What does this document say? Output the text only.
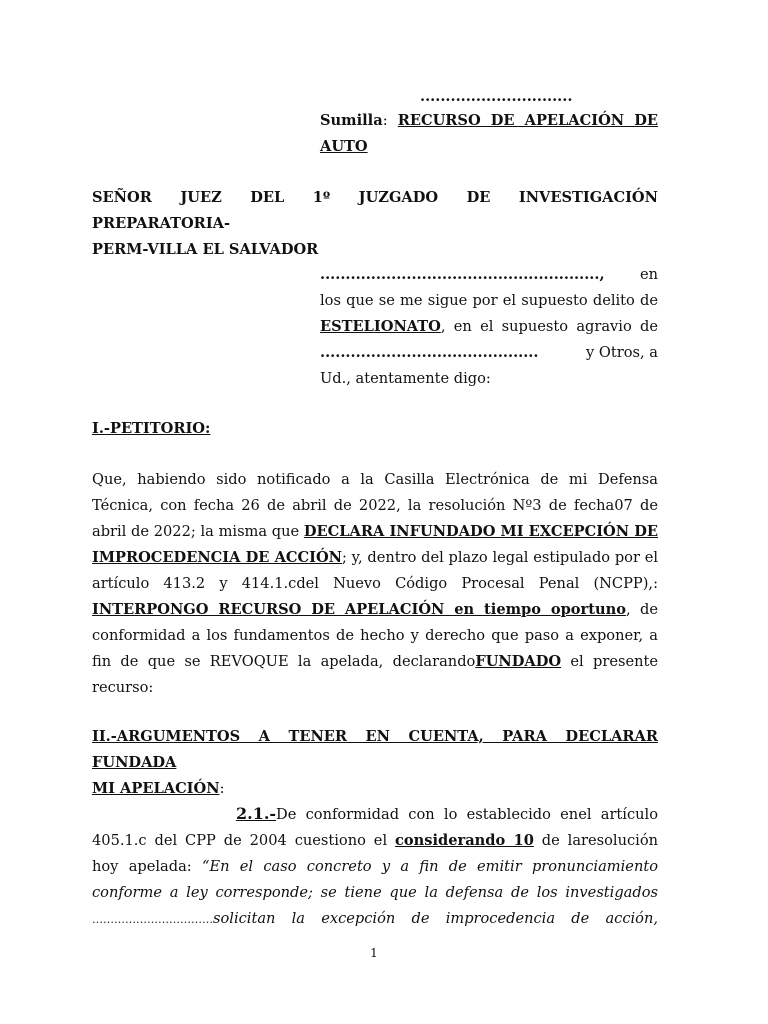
..............................
Sumilla: RECURSO DE APELACIÓN DE
AUTO
SEÑOR JUEZ DEL 1º JUZGADO DE INVESTIGACIÓN PREPARATORIA-
PERM-VILLA EL SALVADOR
......................................................., en
los que se me sigue por el supuesto delito de
ESTELIONATO, en el supuesto agravio de
...........................................	y Otros, a
Ud., atentamente digo:
I.-PETITORIO:
Que, habiendo sido notificado a la Casilla Electrónica de mi Defensa
Técnica, con fecha 26 de abril de 2022, la resolución Nº3 de fecha07 de
abril de 2022; la misma que DECLARA INFUNDADO MI EXCEPCIÓN DE
IMPROCEDENCIA DE ACCIÓN; y, dentro del plazo legal estipulado por el
artículo 413.2 y 414.1.cdel Nuevo Código Procesal Penal (NCPP),:
INTERPONGO RECURSO DE APELACIÓN en tiempo oportuno, de
conformidad a los fundamentos de hecho y derecho que paso a exponer, a
fin de que se REVOQUE la apelada, declarandoFUNDADO el presente
recurso:
II.-ARGUMENTOS A TENER EN CUENTA, PARA DECLARAR FUNDADA
MI APELACIÓN:
2.1.-De conformidad con lo establecido enel artículo
405.1.c del CPP de 2004 cuestiono el considerando 10 de laresolución
hoy apelada: “En el caso concreto y a fin de emitir pronunciamiento
conforme a ley corresponde; se tiene que la defensa de los investigados
……………………………solicitan la excepción de improcedencia de acción,
1
